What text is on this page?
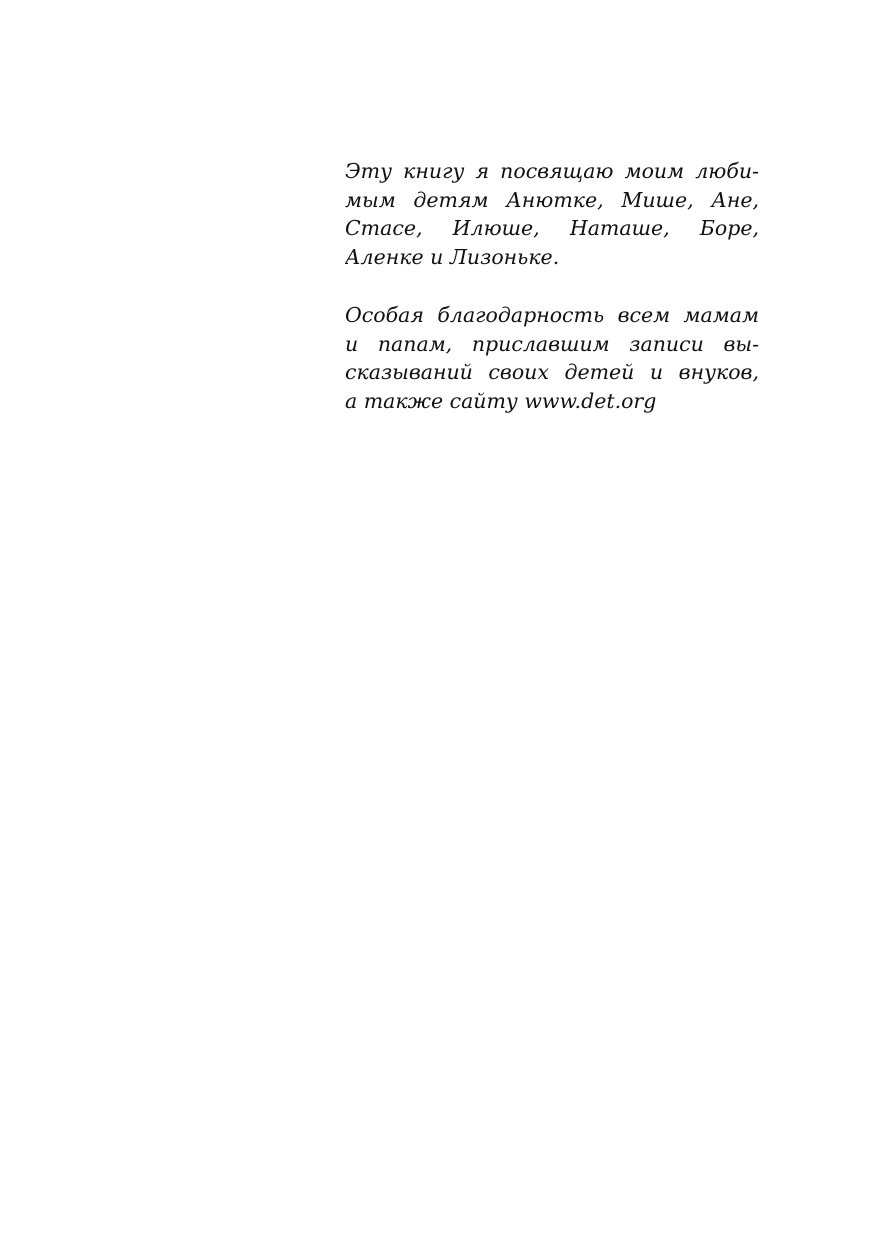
Эту книгу я посвящаю моим люби-
мым детям Анютке, Мише, Ане,
Стасе, Илюше, Наташе, Боре,
Аленке и Лизоньке.
Особая благодарность всем мамам
и папам, приславшим записи вы-
сказываний своих детей и внуков,
а также сайту www.det.org
